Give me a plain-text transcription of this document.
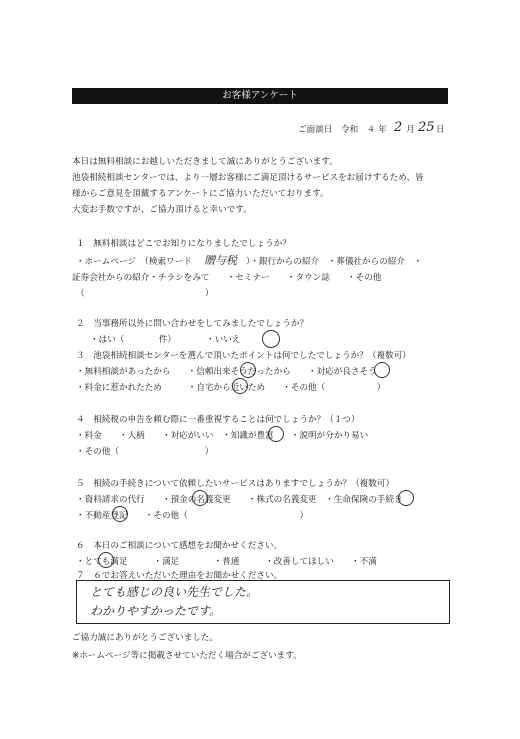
お客様アンケート
ご面談日　令和　４ 年 2 月 25 日
本日は無料相談にお越しいただきまして誠にありがとうございます。
池袋相続相談センターでは、より一層お客様にご満足頂けるサービスをお届けするため、皆
様からご意見を頂戴するアンケートにご協力いただいております。
大変お手数ですが、ご協力頂けると幸いです。
１　無料相談はどこでお知りになりましたでしょうか？
・ホームページ　（検索ワード 贈与税 ）・銀行からの紹介　・葬儀社からの紹介　・
証券会社からの紹介・チラシをみて　　・セミナー　　・タウン誌　　・その他
（　　　　　　　　　　　　　　）
２　当事務所以外に問い合わせをしてみましたでしょうか？
・はい（　　　　件）　　　　・いいえ
３　池袋相続相談センターを選んで頂いたポイントは何でしたでしょうか？（複数可）
・無料相談があったから　　・信頼出来そうだったから　　・対応が良さそう
・料金に惹かれたため　　　・自宅から近いため　　・その他（　　　　　　）
４　相続税の申告を頼む際に一番重視することは何でしょうか？（１つ）
・料金　　・人柄　　・対応がいい　・知識が豊富　　・説明が分かり易い
・その他（　　　　　　　　　　）
５　相続の手続きについて依頼したいサービスはありますでしょうか？（複数可）
・資料請求の代行　　・預金の名義変更　　・株式の名義変更　・生命保険の手続き
・不動産登記　　・その他（　　　　　　　　　　　　　）
６　本日のご相談について感想をお聞かせください。
・とても満足　　　・満足　　　　・普通　　　・改善してほしい　　・不満
７　６でお答えいただいた理由をお聞かせください。
とても感じの良い先生でした。
わかりやすかったです。
ご協力誠にありがとうございました。
※ホームページ等に掲載させていただく場合がございます。
